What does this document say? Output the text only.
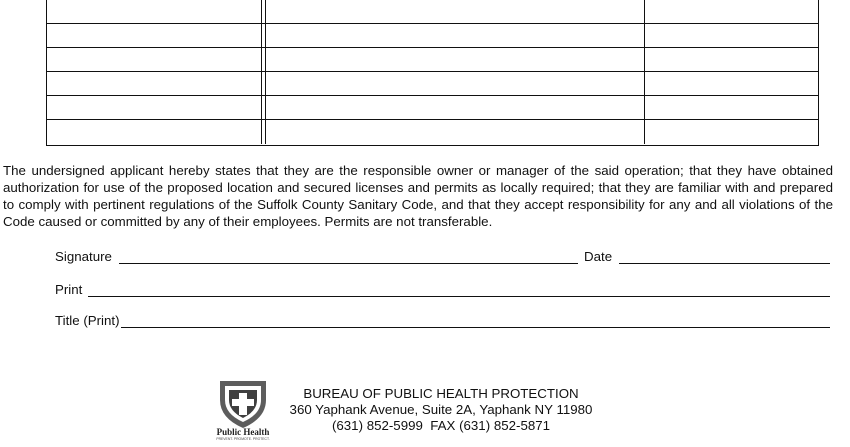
The undersigned applicant hereby states that they are the responsible owner or manager of the said operation; that they have obtained authorization for use of the proposed location and secured licenses and permits as locally required; that they are familiar with and prepared to comply with pertinent regulations of the Suffolk County Sanitary Code, and that they accept responsibility for any and all violations of the Code caused or committed by any of their employees. Permits are not transferable.

Signature	Date
Print
Title (Print)
Public Health
PREVENT. PROMOTE. PROTECT.
BUREAU OF PUBLIC HEALTH PROTECTION
360 Yaphank Avenue, Suite 2A, Yaphank NY 11980
(631) 852-5999  FAX (631) 852-5871
